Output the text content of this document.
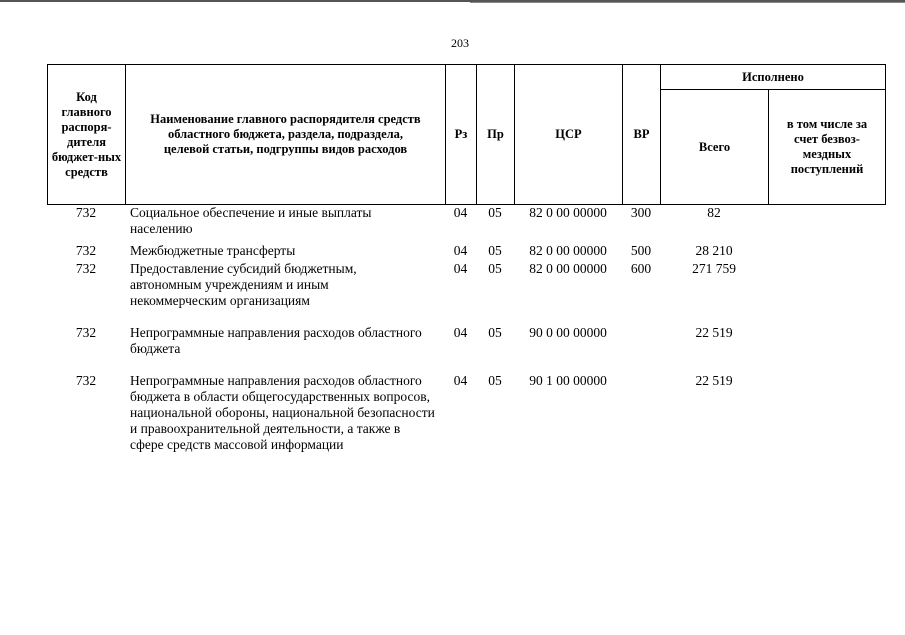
203
Код главного распоря-дителя бюджет-ных средств	Наименование главного распорядителя средств областного бюджета, раздела, подраздела, целевой статьи, подгруппы видов расходов	Рз	Пр	ЦСР	ВР	Исполнено	
						Всего	в том числе за счет безвоз-мездных поступлений
732	Социальное обеспечение и иные выплаты населению	04	05	82 0 00 00000	300	82	
732	Межбюджетные трансферты	04	05	82 0 00 00000	500	28 210	
732	Предоставление субсидий бюджетным, автономным учреждениям и иным некоммерческим организациям	04	05	82 0 00 00000	600	271 759	
732	Непрограммные направления расходов областного бюджета	04	05	90 0 00 00000		22 519	
732	Непрограммные направления расходов областного бюджета в области общегосударственных вопросов, национальной обороны, национальной безопасности и правоохранительной деятельности, а также в сфере средств массовой информации	04	05	90 1 00 00000		22 519	
